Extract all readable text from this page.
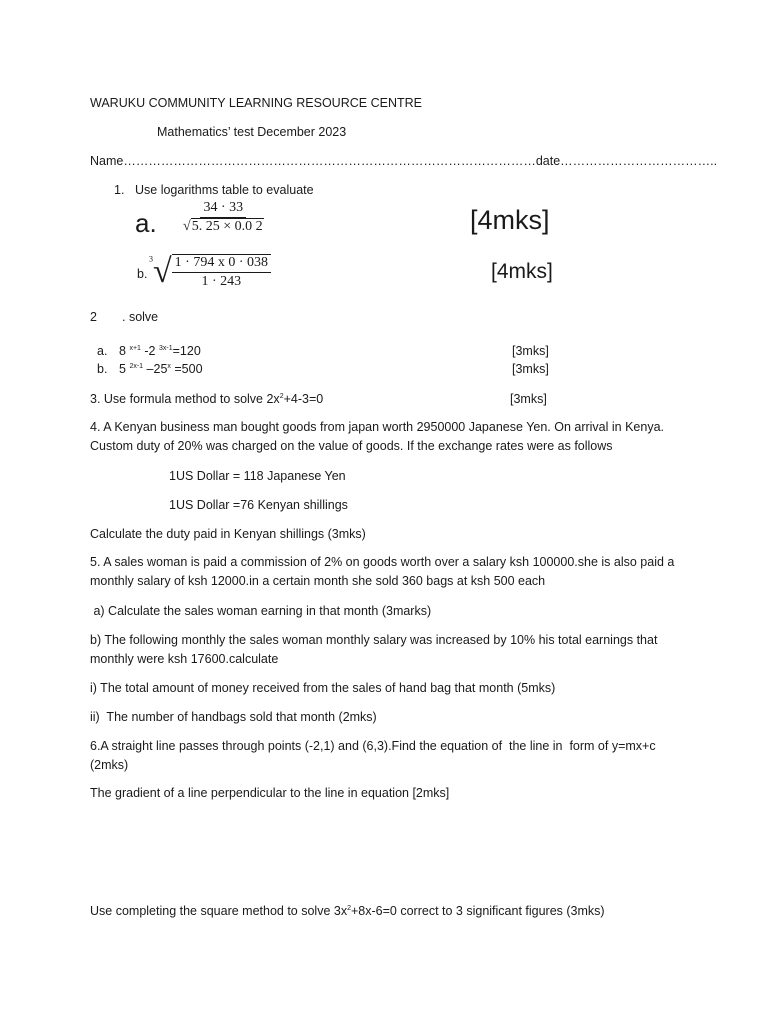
WARUKU COMMUNITY LEARNING RESOURCE CENTRE
Mathematics’ test December 2023
Name………………………………………………………………………………………date………………………………..
1. Use logarithms table to evaluate
a. $\frac{34 \cdot 33}{√5. 25 \times 0.0 2}$	[4mks]
b.
$^3√ \frac{1 \cdot 794 x 0 \cdot 038}{1 \cdot 243}$	[4mks]
2 . solve
a. 8 $^{x+1}$ -2 $^{3x-1}$=120	[3mks]
b. 5 $^{2x-1}$ $-25^x =500$	[3mks]
3. Use formula method to solve $2x^2+4-3=0$	[3mks]
4. A Kenyan business man bought goods from japan worth 2950000 Japanese Yen. On arrival in Kenya. Custom duty of 20% was charged on the value of goods. If the exchange rates were as follows
1US Dollar = 118 Japanese Yen
1US Dollar =76 Kenyan shillings
Calculate the duty paid in Kenyan shillings (3mks)
5. A sales woman is paid a commission of 2% on goods worth over a salary ksh 100000.she is also paid a monthly salary of ksh 12000.in a certain month she sold 360 bags at ksh 500 each
a) Calculate the sales woman earning in that month (3marks)
b) The following monthly the sales woman monthly salary was increased by 10% his total earnings that monthly were ksh 17600.calculate
i) The total amount of money received from the sales of hand bag that month (5mks)
ii)  The number of handbags sold that month (2mks)
6.A straight line passes through points (-2,1) and (6,3).Find the equation of  the line in  form of y=mx+c (2mks)
The gradient of a line perpendicular to the line in equation [2mks]
Use completing the square method to solve $3x^2+8x-6=0$ correct to 3 significant figures (3mks)
